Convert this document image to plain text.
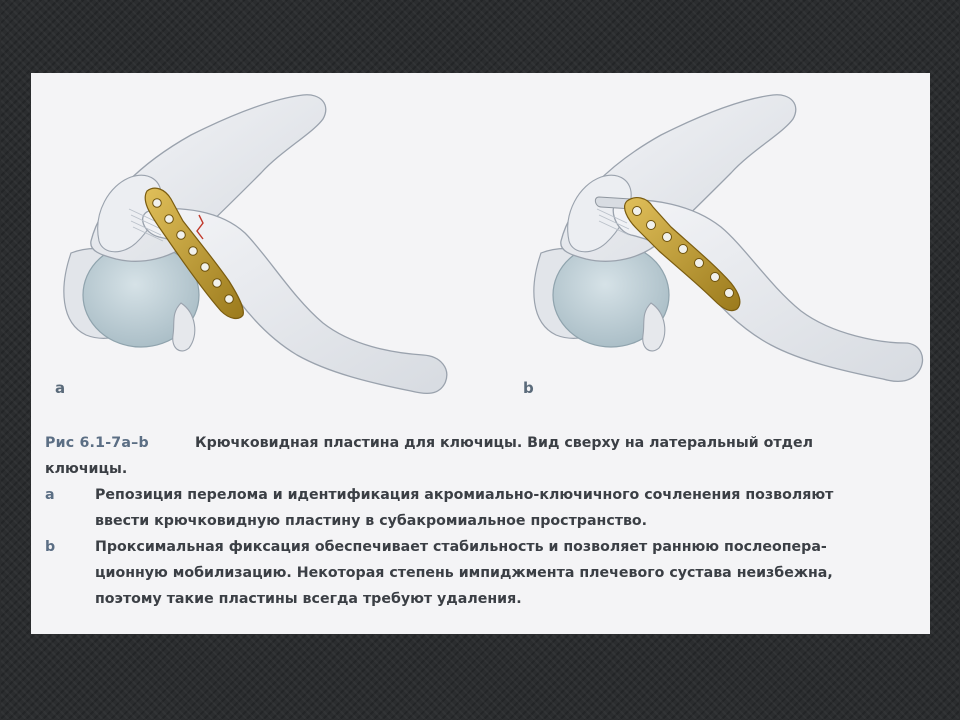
a	b
Рис 6.1-7a–b	Крючковидная пластина для ключицы. Вид сверху на латеральный отдел
ключицы.
a	Репозиция перелома и идентификация акромиально-ключичного сочленения позволяют
ввести крючковидную пластину в субакромиальное пространство.
b	Проксимальная фиксация обеспечивает стабильность и позволяет раннюю послеопера-
ционную мобилизацию. Некоторая степень импиджмента плечевого сустава неизбежна,
поэтому такие пластины всегда требуют удаления.
